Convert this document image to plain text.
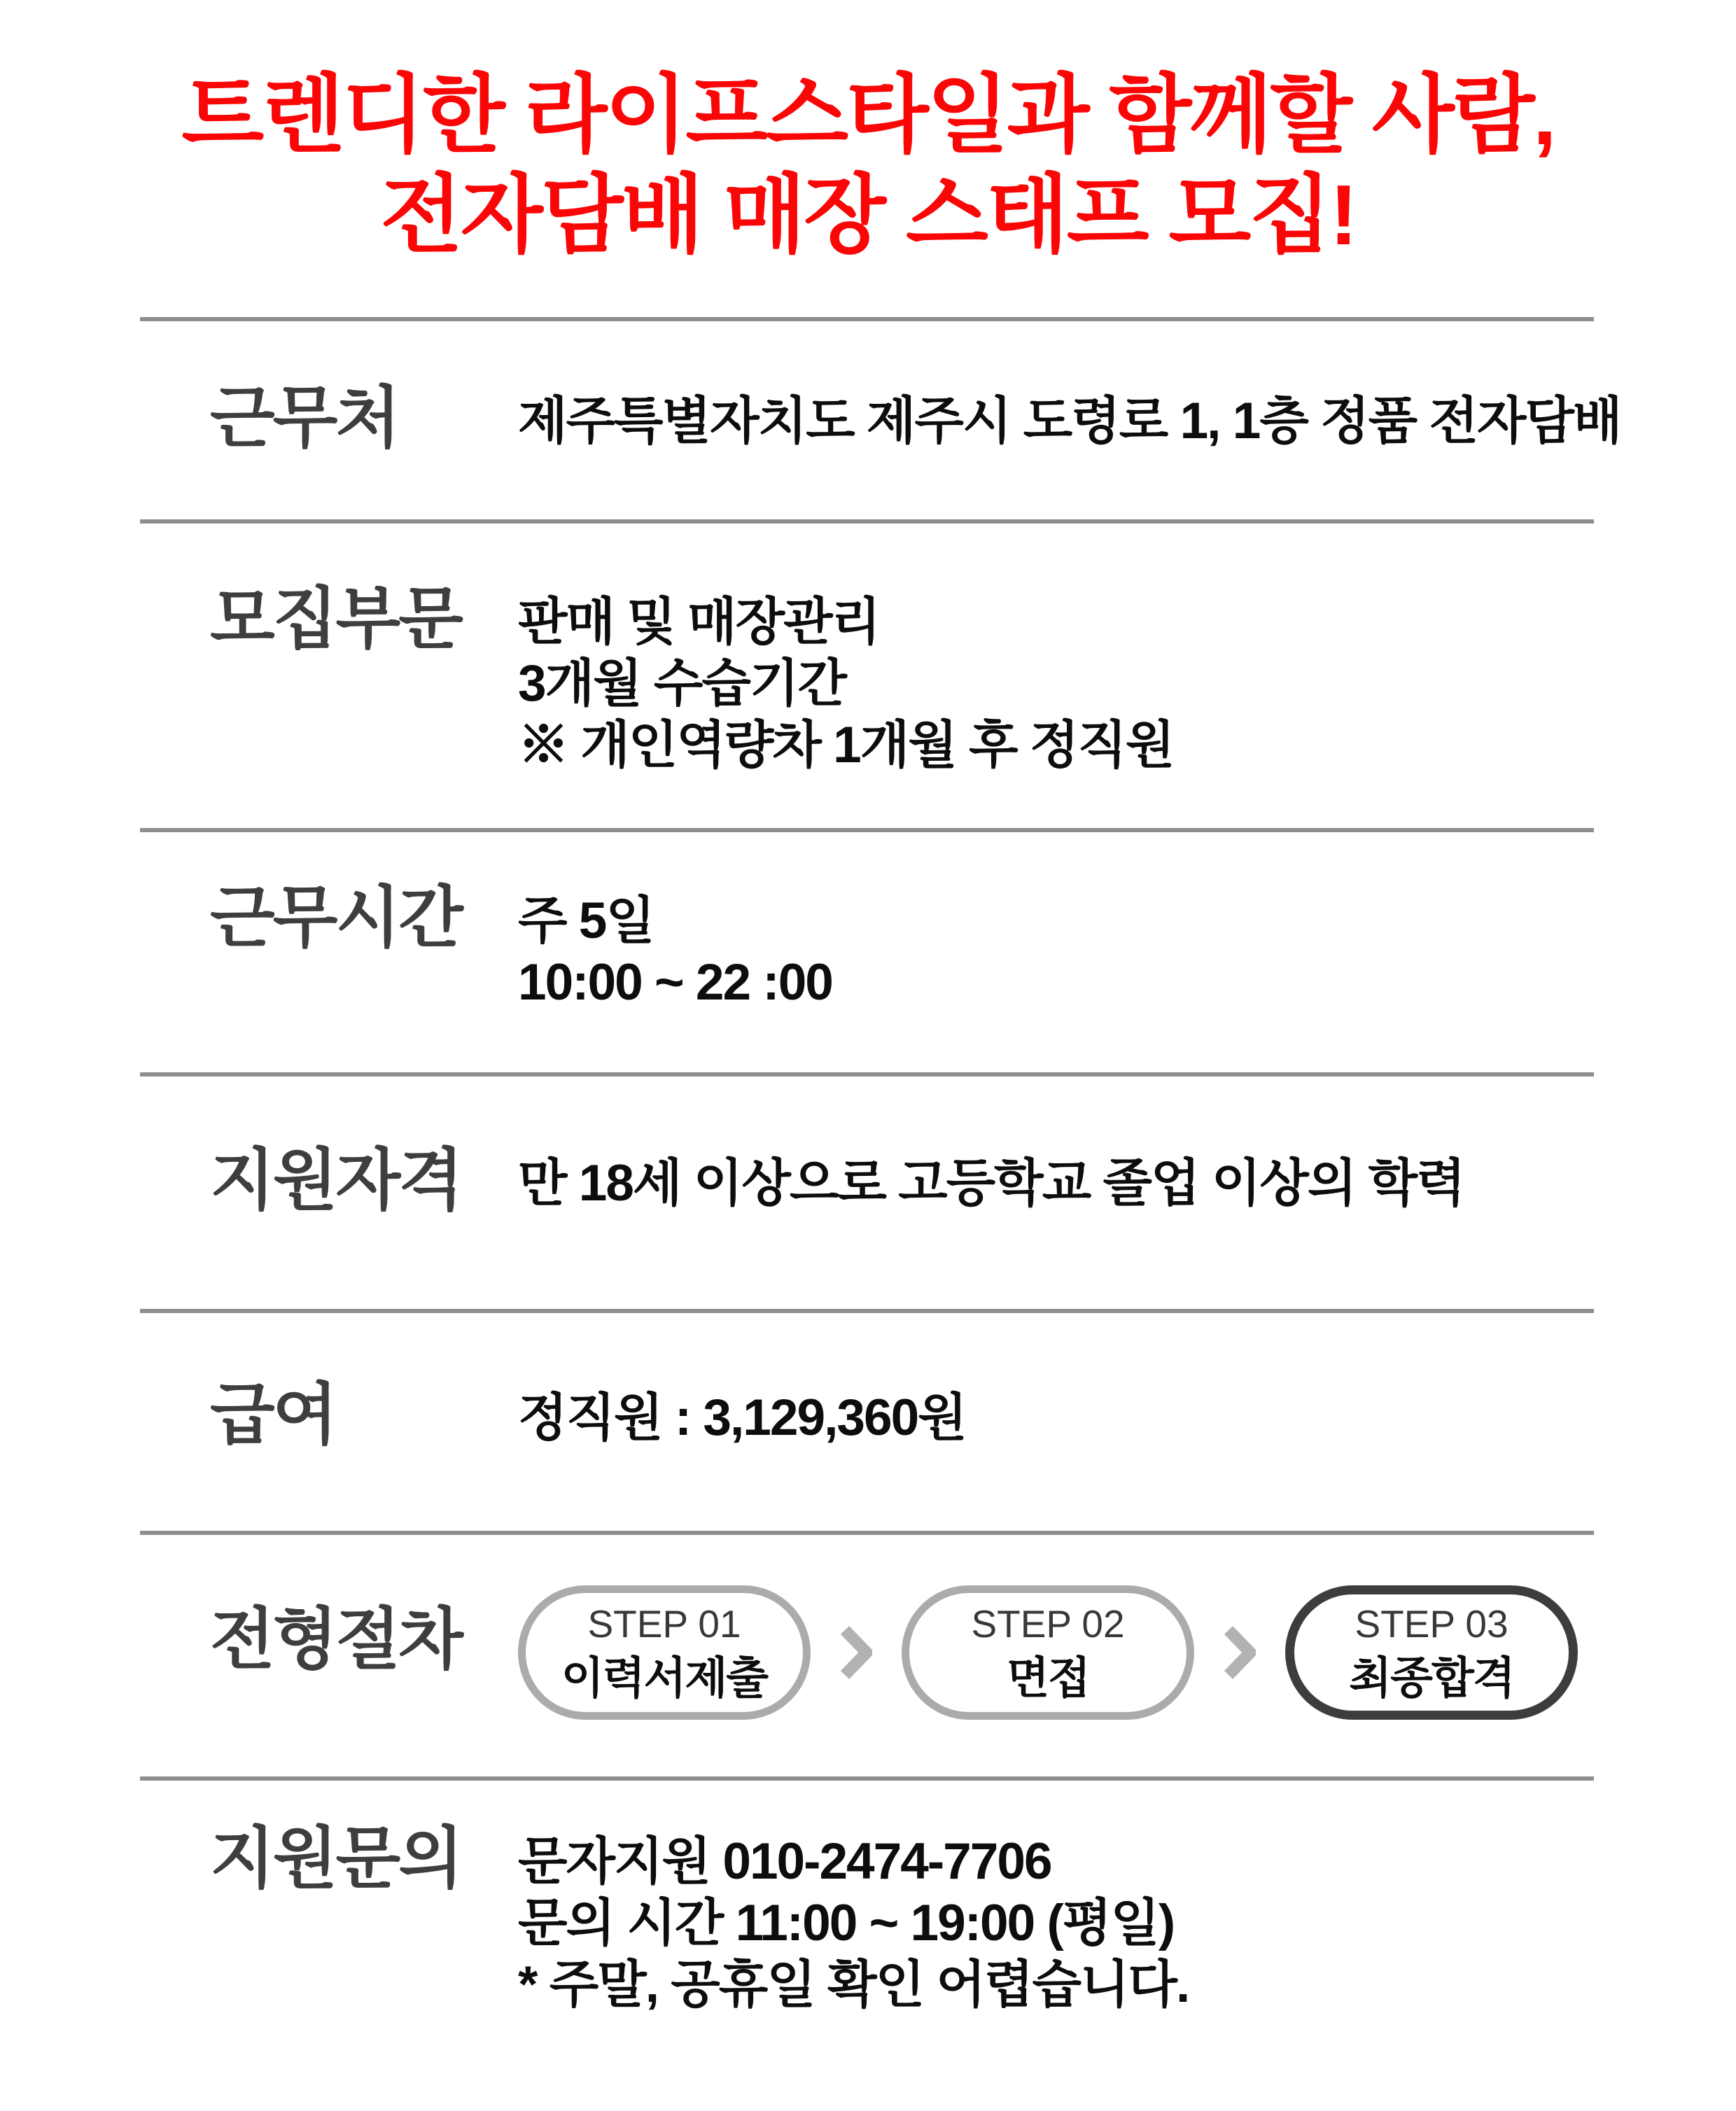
트렌디한 라이프스타일과 함께할 사람,
전자담배 매장 스태프 모집!
근무처	제주특별자치도 제주시 도령로 1, 1층 정품 전자담배

모집부문	판매 및 매장관리

3개월 수습기간

※ 개인역량차 1개월 후 정직원

근무시간	주 5일

10:00 ~ 22 :00

지원자격	만 18세 이상으로 고등학교 졸업 이상의 학력

급여	정직원 : 3,129,360원

전형절차	STEP 01
이력서제출
STEP 02
면접
STEP 03
최종합격
지원문의	문자지원 010-2474-7706

문의 시간 11:00 ~ 19:00 (평일)

* 주말, 공휴일 확인 어렵습니다.
